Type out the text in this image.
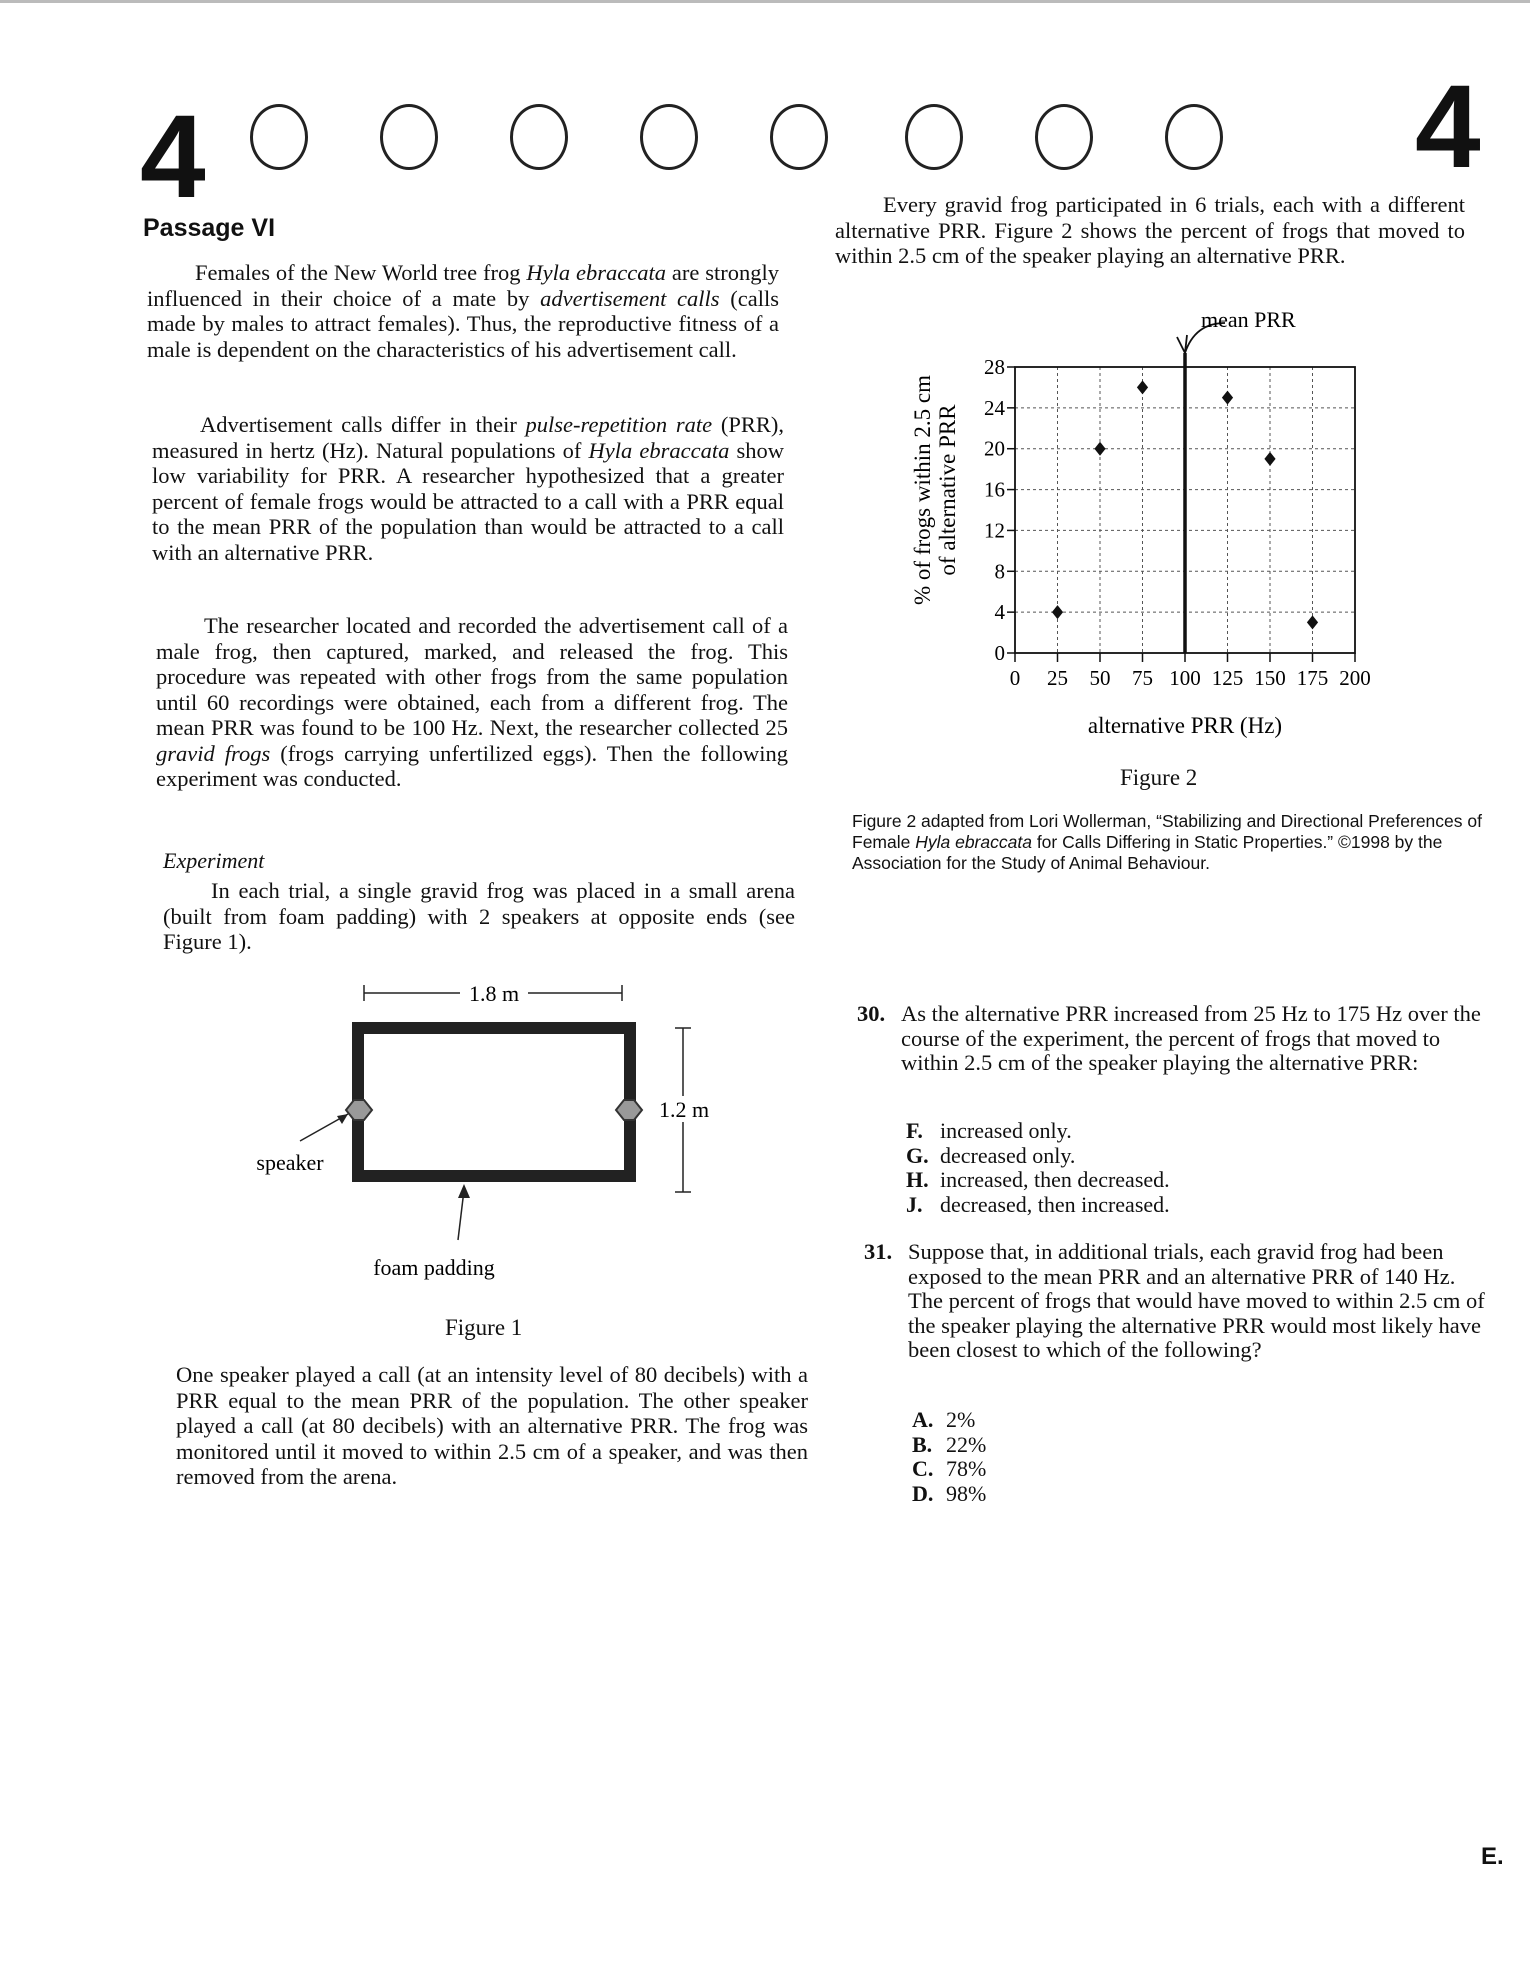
4	4
Passage VI
Females of the New World tree frog Hyla ebraccata are strongly influenced in their choice of a mate by advertisement calls (calls made by males to attract females). Thus, the reproductive fitness of a male is dependent on the characteristics of his advertisement call.
Advertisement calls differ in their pulse-repetition rate (PRR), measured in hertz (Hz). Natural populations of Hyla ebraccata show low variability for PRR. A researcher hypothesized that a greater percent of female frogs would be attracted to a call with a PRR equal to the mean PRR of the population than would be attracted to a call with an alternative PRR.
The researcher located and recorded the advertisement call of a male frog, then captured, marked, and released the frog. This procedure was repeated with other frogs from the same population until 60 recordings were obtained, each from a different frog. The mean PRR was found to be 100 Hz. Next, the researcher collected 25 gravid frogs (frogs carrying unfertilized eggs). Then the following experiment was conducted.
Experiment
In each trial, a single gravid frog was placed in a small arena (built from foam padding) with 2 speakers at opposite ends (see Figure 1).
1.8 m
1.2 m
speaker
foam padding
Figure 1
One speaker played a call (at an intensity level of 80 decibels) with a PRR equal to the mean PRR of the population. The other speaker played a call (at 80 decibels) with an alternative PRR. The frog was monitored until it moved to within 2.5 cm of a speaker, and was then removed from the arena.
Every gravid frog participated in 6 trials, each with a different alternative PRR. Figure 2 shows the percent of frogs that moved to within 2.5 cm of the speaker playing an alternative PRR.
% of frogs within 2.5 cm of alternative PRR
0
4
8
12
16
20
24
28
0 25 50 75 100 125 150 175 200
mean PRR
alternative PRR (Hz)
Figure 2
Figure 2 adapted from Lori Wollerman, “Stabilizing and Directional Preferences of Female Hyla ebraccata for Calls Differing in Static Properties.” ©1998 by the Association for the Study of Animal Behaviour.
30. As the alternative PRR increased from 25 Hz to 175 Hz over the course of the experiment, the percent of frogs that moved to within 2.5 cm of the speaker playing the alternative PRR:
F. increased only.
G. decreased only.
H. increased, then decreased.
J. decreased, then increased.
31. Suppose that, in additional trials, each gravid frog had been exposed to the mean PRR and an alternative PRR of 140 Hz. The percent of frogs that would have moved to within 2.5 cm of the speaker playing the alternative PRR would most likely have been closest to which of the following?
A. 2%
B. 22%
C. 78%
D. 98%
E.
